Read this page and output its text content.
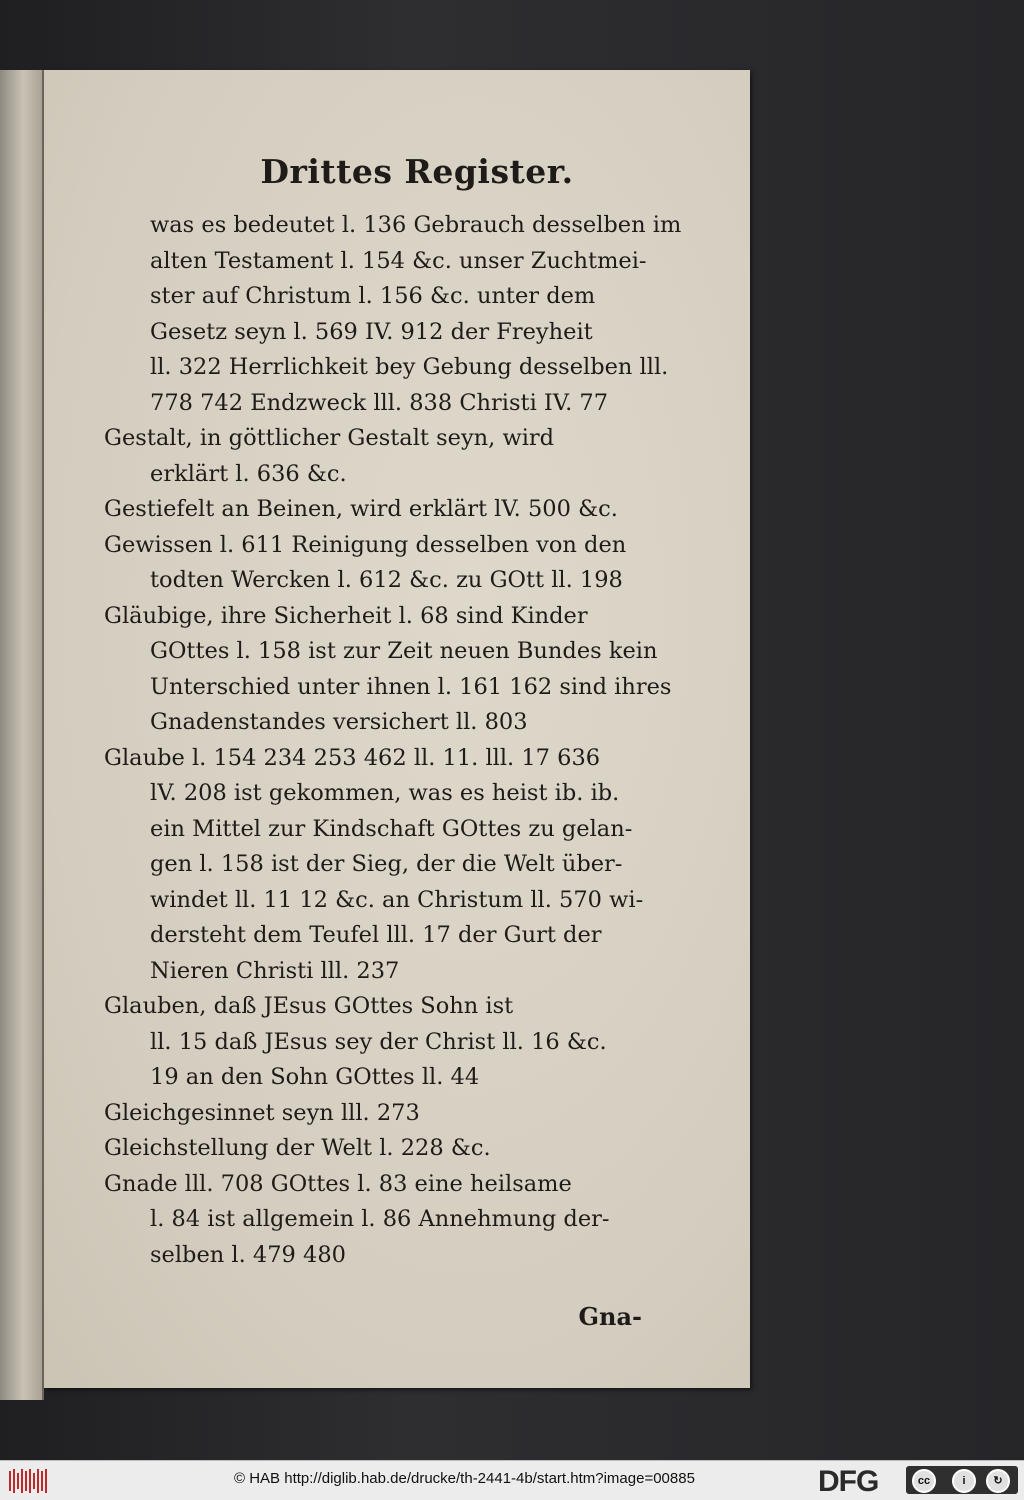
Drittes Register.
was es bedeutet l. 136 Gebrauch desselben im
alten Testament l. 154 &c. unser Zuchtmei-
ster auf Christum l. 156 &c. unter dem
Gesetz seyn l. 569 IV. 912 der Freyheit
ll. 322 Herrlichkeit bey Gebung desselben lll.
778 742 Endzweck lll. 838 Christi IV. 77
Gestalt, in göttlicher Gestalt seyn, wird
erklärt l. 636 &c.
Gestiefelt an Beinen, wird erklärt lV. 500 &c.
Gewissen l. 611 Reinigung desselben von den
todten Wercken l. 612 &c. zu GOtt ll. 198
Gläubige, ihre Sicherheit l. 68 sind Kinder
GOttes l. 158 ist zur Zeit neuen Bundes kein
Unterschied unter ihnen l. 161 162 sind ihres
Gnadenstandes versichert ll. 803
Glaube l. 154 234 253 462 ll. 11. lll. 17 636
lV. 208 ist gekommen, was es heist ib. ib.
ein Mittel zur Kindschaft GOttes zu gelan-
gen l. 158 ist der Sieg, der die Welt über-
windet ll. 11 12 &c. an Christum ll. 570 wi-
dersteht dem Teufel lll. 17 der Gurt der
Nieren Christi lll. 237
Glauben, daß JEsus GOttes Sohn ist
ll. 15 daß JEsus sey der Christ ll. 16 &c.
19 an den Sohn GOttes ll. 44
Gleichgesinnet seyn lll. 273
Gleichstellung der Welt l. 228 &c.
Gnade lll. 708 GOttes l. 83 eine heilsame
l. 84 ist allgemein l. 86 Annehmung der-
selben l. 479 480
Gna-
© HAB http://diglib.hab.de/drucke/th-2441-4b/start.htm?image=00885	DFG	cc	i	↻
